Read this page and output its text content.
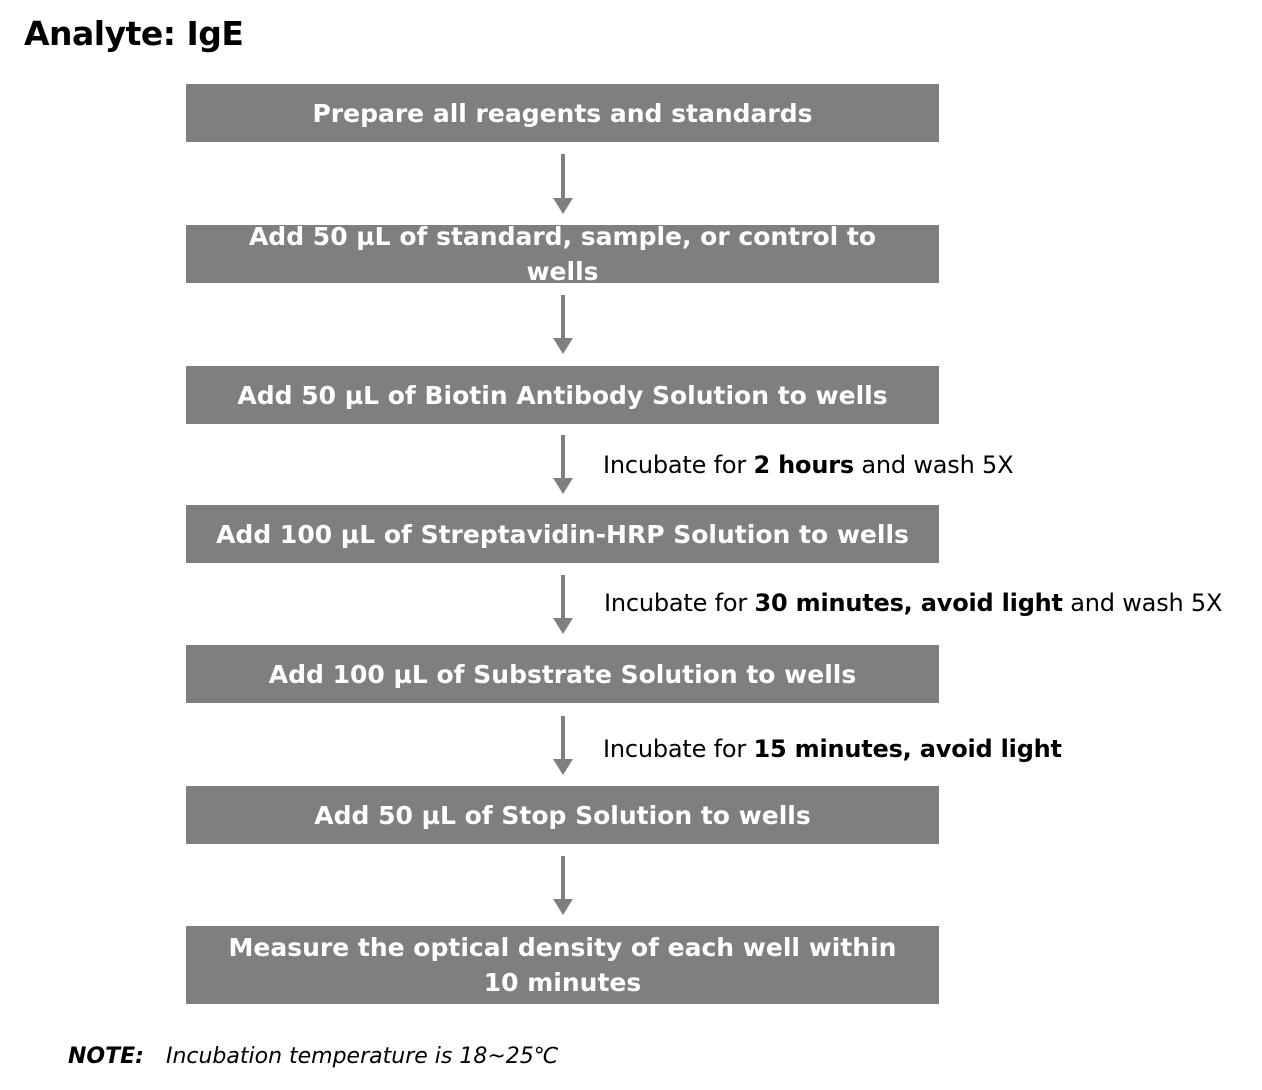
Analyte: IgE
Prepare all reagents and standards
Add 50 µL of standard, sample, or control to wells
Add 50 µL of Biotin Antibody Solution to wells
Add 100 µL of Streptavidin-HRP Solution to wells
Add 100 µL of Substrate Solution to wells
Add 50 µL of Stop Solution to wells
Measure the optical density of each well within 10 minutes
Incubate for 2 hours and wash 5X
Incubate for 30 minutes, avoid light and wash 5X
Incubate for 15 minutes, avoid light
NOTE: Incubation temperature is 18~25℃
